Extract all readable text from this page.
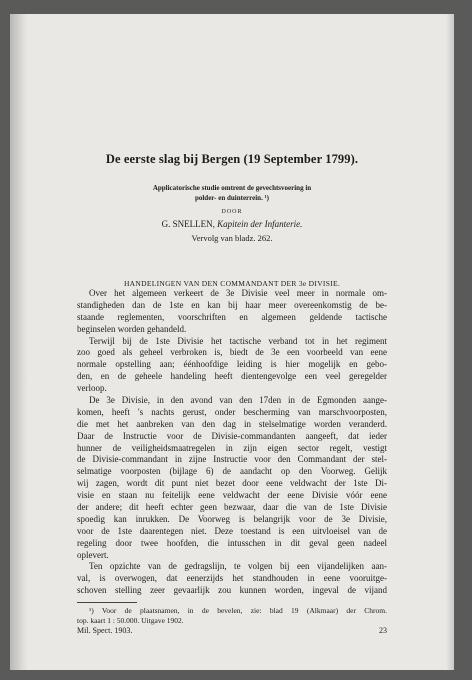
De eerste slag bij Bergen (19 September 1799).
Applicatorische studie omtrent de gevechtsvoering in
polder- en duinterrein. ¹)
DOOR
G. SNELLEN, Kapitein der Infanterie.
Vervolg van bladz. 262.
HANDELINGEN VAN DEN COMMANDANT DER 3e DIVISIE.
Over het algemeen verkeert de 3e Divisie veel meer in normale om-
standigheden dan de 1ste en kan bij haar meer overeenkomstig de be-
staande reglementen, voorschriften en algemeen geldende tactische
beginselen worden gehandeld.
Terwijl bij de 1ste Divisie het tactische verband tot in het regiment
zoo goed als geheel verbroken is, biedt de 3e een voorbeeld van eene
normale opstelling aan; éénhoofdige leiding is hier mogelijk en gebo-
den, en de geheele handeling heeft dientengevolge een veel geregelder
verloop.
De 3e Divisie, in den avond van den 17den in de Egmonden aange-
komen, heeft 's nachts gerust, onder bescherming van marschvoorposten,
die met het aanbreken van den dag in stelselmatige worden veranderd.
Daar de Instructie voor de Divisie-commandanten aangeeft, dat ieder
hunner de veiligheidsmaatregelen in zijn eigen sector regelt, vestigt
de Divisie-commandant in zijne Instructie voor den Commandant der stel-
selmatige voorposten (bijlage 6) de aandacht op den Voorweg. Gelijk
wij zagen, wordt dit punt niet bezet door eene veldwacht der 1ste Di-
visie en staan nu feitelijk eene veldwacht der eene Divisie vóór eene
der andere; dit heeft echter geen bezwaar, daar die van de 1ste Divisie
spoedig kan inrukken. De Voorweg is belangrijk voor de 3e Divisie,
voor de 1ste daarentegen niet. Deze toestand is een uitvloeisel van de
regeling door twee hoofden, die intusschen in dit geval geen nadeel
oplevert.
Ten opzichte van de gedragslijn, te volgen bij een vijandelijken aan-
val, is overwogen, dat eenerzijds het standhouden in eene vooruitge-
schoven stelling zeer gevaarlijk zou kunnen worden, ingeval de vijand
¹) Voor de plaatsnamen, in de bevelen, zie: blad 19 (Alkmaar) der Chrom.
top. kaart 1 : 50.000. Uitgave 1902.
Mil. Spect. 1903.	23
